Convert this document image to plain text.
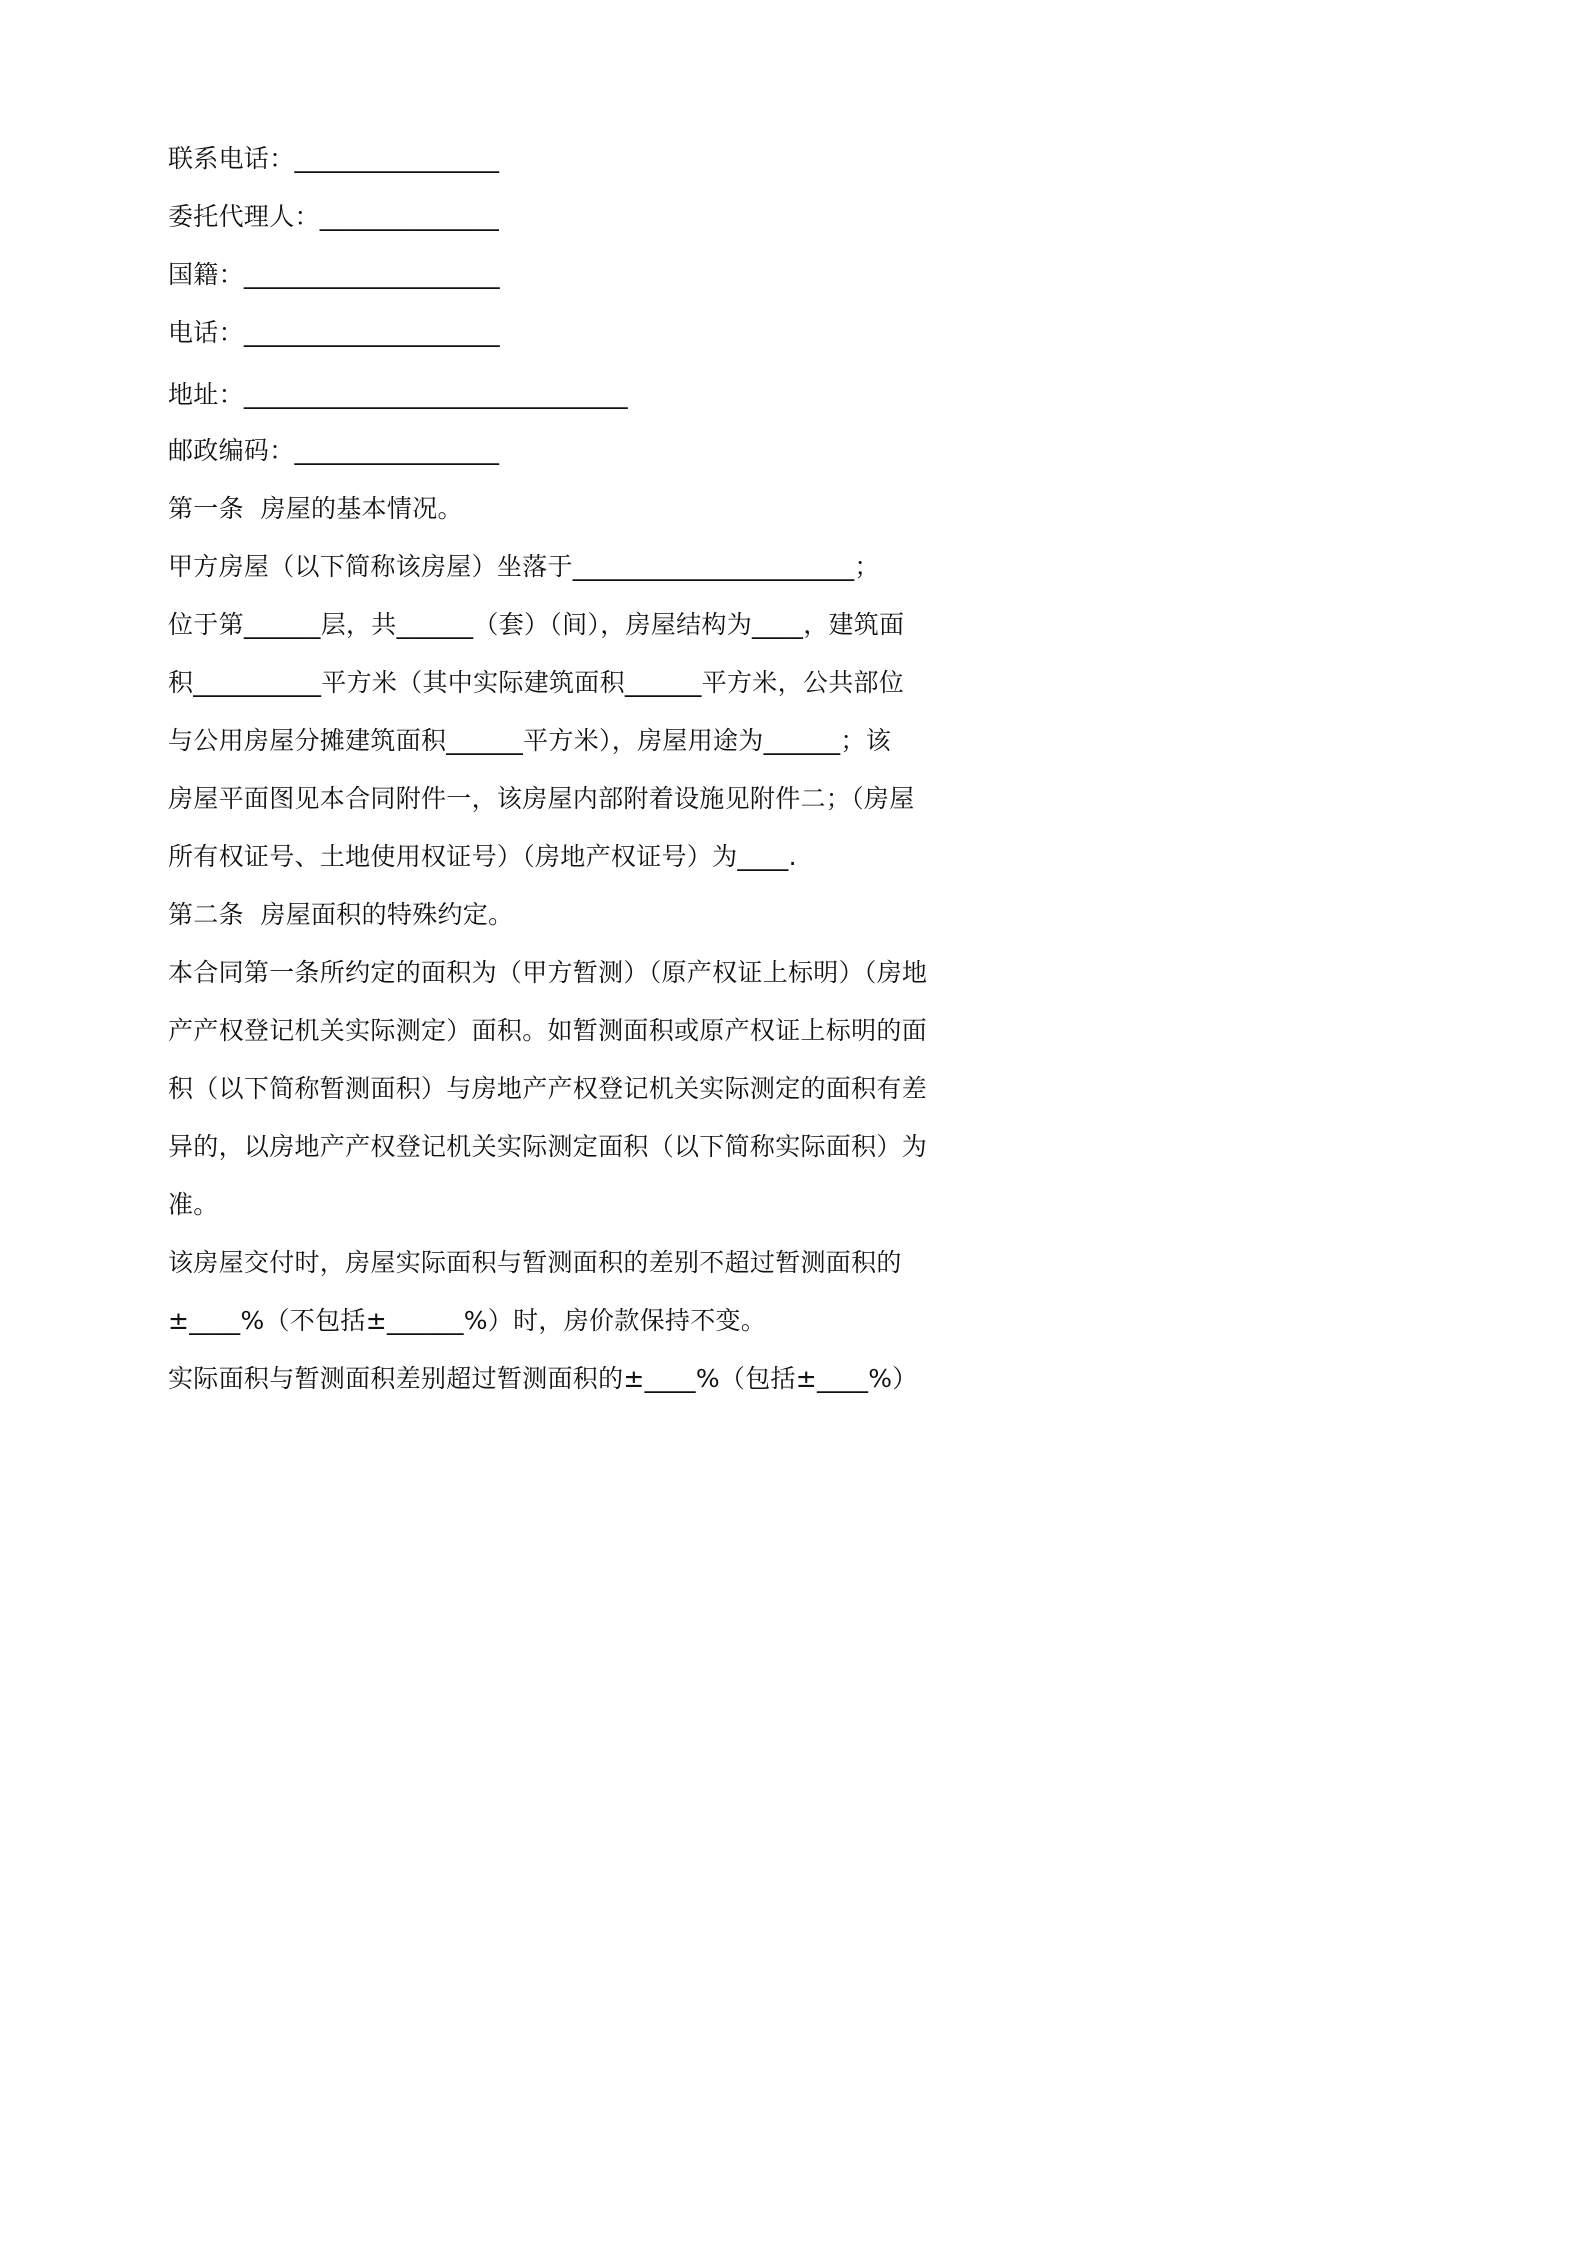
联系电话：________________
委托代理人：______________
国籍：____________________
电话：____________________
地址：______________________________
邮政编码：________________
第一条  房屋的基本情况。
甲方房屋（以下简称该房屋）坐落于______________________；
位于第______层，共______（套）（间），房屋结构为____，建筑面
积__________平方米（其中实际建筑面积______平方米，公共部位
与公用房屋分摊建筑面积______平方米），房屋用途为______；该
房屋平面图见本合同附件一，该房屋内部附着设施见附件二；（房屋
所有权证号、土地使用权证号）（房地产权证号）为____.
第二条  房屋面积的特殊约定。
本合同第一条所约定的面积为（甲方暂测）（原产权证上标明）（房地
产产权登记机关实际测定）面积。如暂测面积或原产权证上标明的面
积（以下简称暂测面积）与房地产产权登记机关实际测定的面积有差
异的，以房地产产权登记机关实际测定面积（以下简称实际面积）为
准。
该房屋交付时，房屋实际面积与暂测面积的差别不超过暂测面积的
±____%（不包括±______%）时，房价款保持不变。
实际面积与暂测面积差别超过暂测面积的±____%（包括±____%）
